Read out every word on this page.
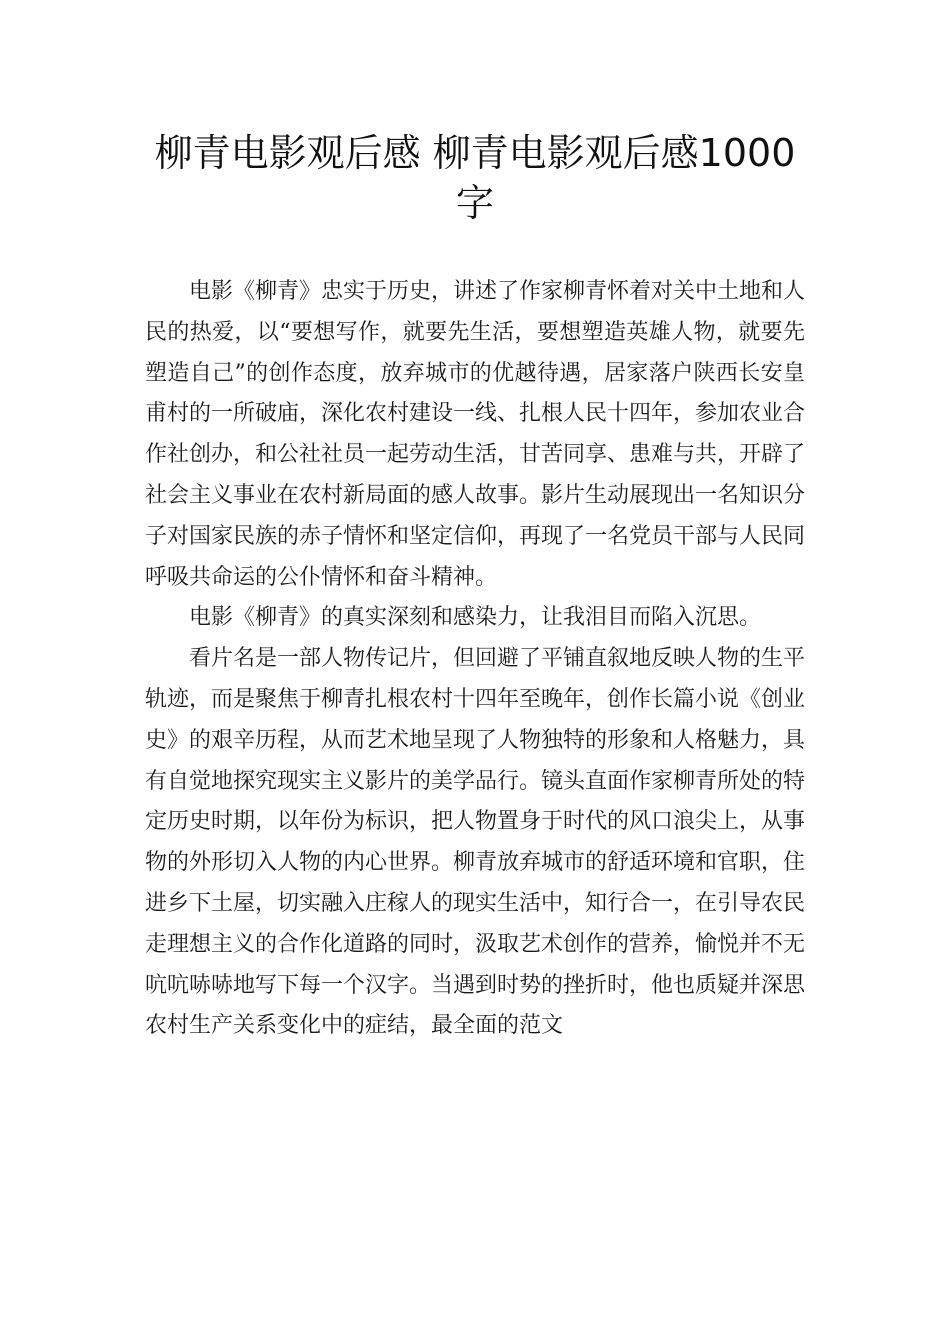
柳青电影观后感 柳青电影观后感1000字

电影《柳青》忠实于历史，讲述了作家柳青怀着对关中土地和人民的热爱，以“要想写作，就要先生活，要想塑造英雄人物，就要先塑造自己”的创作态度，放弃城市的优越待遇，居家落户陕西长安皇甫村的一所破庙，深化农村建设一线、扎根人民十四年，参加农业合作社创办，和公社社员一起劳动生活，甘苦同享、患难与共，开辟了社会主义事业在农村新局面的感人故事。影片生动展现出一名知识分子对国家民族的赤子情怀和坚定信仰，再现了一名党员干部与人民同呼吸共命运的公仆情怀和奋斗精神。

电影《柳青》的真实深刻和感染力，让我泪目而陷入沉思。

看片名是一部人物传记片，但回避了平铺直叙地反映人物的生平轨迹，而是聚焦于柳青扎根农村十四年至晚年，创作长篇小说《创业史》的艰辛历程，从而艺术地呈现了人物独特的形象和人格魅力，具有自觉地探究现实主义影片的美学品行。镜头直面作家柳青所处的特定历史时期，以年份为标识，把人物置身于时代的风口浪尖上，从事物的外形切入人物的内心世界。柳青放弃城市的舒适环境和官职，住进乡下土屋，切实融入庄稼人的现实生活中，知行合一，在引导农民走理想主义的合作化道路的同时，汲取艺术创作的营养，愉悦并不无吭吭哧哧地写下每一个汉字。当遇到时势的挫折时，他也质疑并深思农村生产关系变化中的症结，最全面的范文
